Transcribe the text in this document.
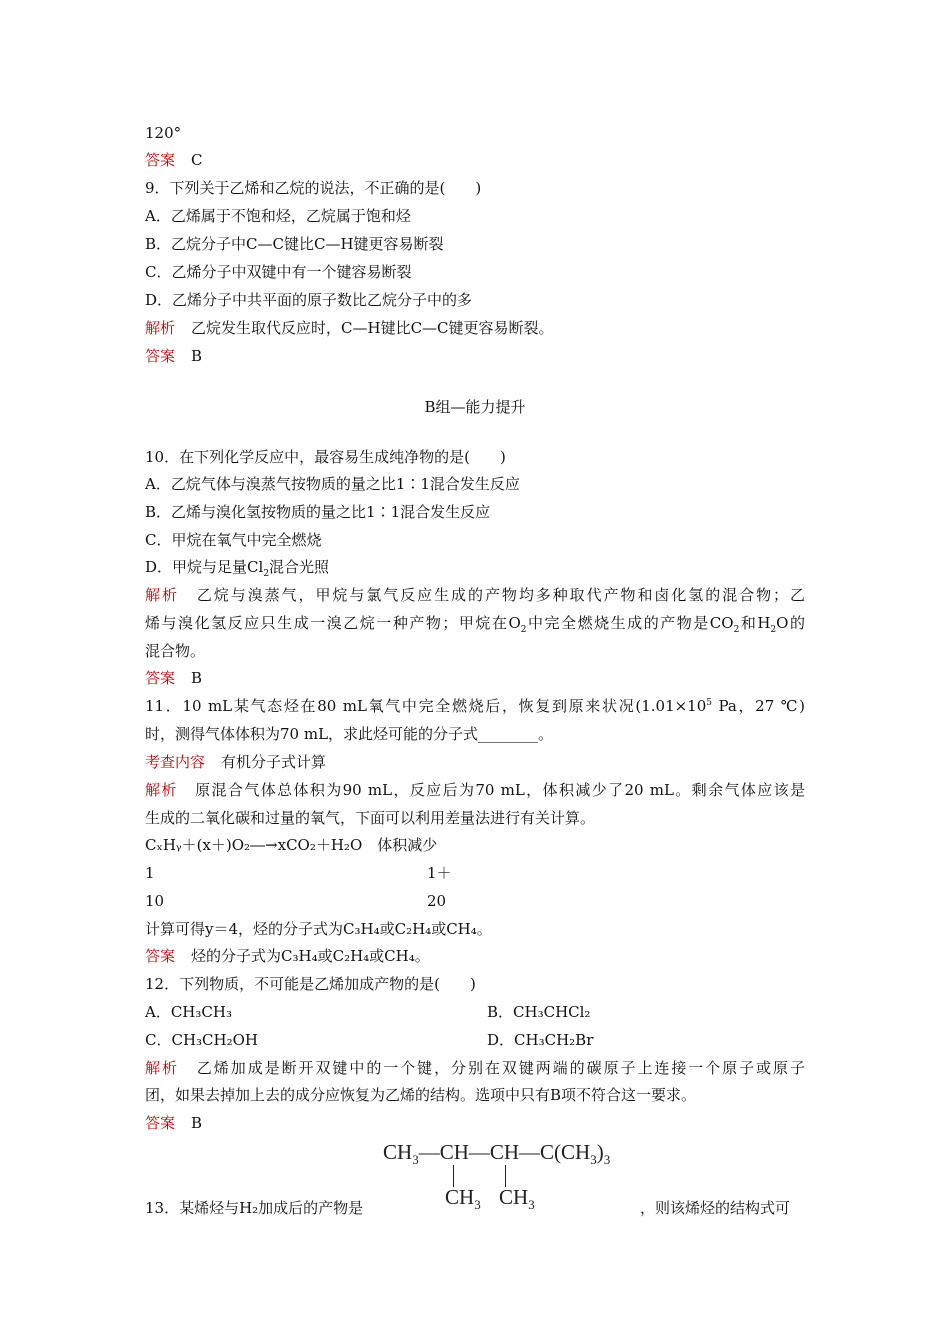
120°
答案 C
9．下列关于乙烯和乙烷的说法，不正确的是(　　)
A．乙烯属于不饱和烃，乙烷属于饱和烃
B．乙烷分子中C—C键比C—H键更容易断裂
C．乙烯分子中双键中有一个键容易断裂
D．乙烯分子中共平面的原子数比乙烷分子中的多
解析 乙烷发生取代反应时，C—H键比C—C键更容易断裂。
答案 B
B组—能力提升
10．在下列化学反应中，最容易生成纯净物的是(　　)
A．乙烷气体与溴蒸气按物质的量之比1∶1混合发生反应
B．乙烯与溴化氢按物质的量之比1∶1混合发生反应
C．甲烷在氧气中完全燃烧
D．甲烷与足量$Cl_2$混合光照
解析 乙烷与溴蒸气，甲烷与氯气反应生成的产物均多种取代产物和卤化氢的混合物；乙
烯与溴化氢反应只生成一溴乙烷一种产物；甲烷在$O_2$中完全燃烧生成的产物是$CO_2$和$H_2O$的
混合物。
答案 B
11．10 mL某气态烃在80 mL氧气中完全燃烧后，恢复到原来状况($1.01\times 10^5$ Pa，27 ℃)
时，测得气体体积为70 mL，求此烃可能的分子式________。
考查内容 有机分子式计算
解析 原混合气体总体积为90 mL，反应后为70 mL，体积减少了20 mL。剩余气体应该是
生成的二氧化碳和过量的氧气，下面可以利用差量法进行有关计算。
CₓHᵧ＋(x＋)O₂―→xCO₂＋H₂O　体积减少
1	1＋
10	20
计算可得y＝4，烃的分子式为C₃H₄或C₂H₄或CH₄。
答案 烃的分子式为C₃H₄或C₂H₄或CH₄。
12．下列物质，不可能是乙烯加成产物的是(　　)
A．CH₃CH₃	B．CH₃CHCl₂
C．CH₃CH₂OH	D．CH₃CH₂Br
解析 乙烯加成是断开双键中的一个键，分别在双键两端的碳原子上连接一个原子或原子
团，如果去掉加上去的成分应恢复为乙烯的结构。选项中只有B项不符合这一要求。
答案 B
$CH_3—CH—CH—C(CH_3)_3$
$CH_3$ $CH_3$
13．某烯烃与H₂加成后的产物是	，则该烯烃的结构式可
